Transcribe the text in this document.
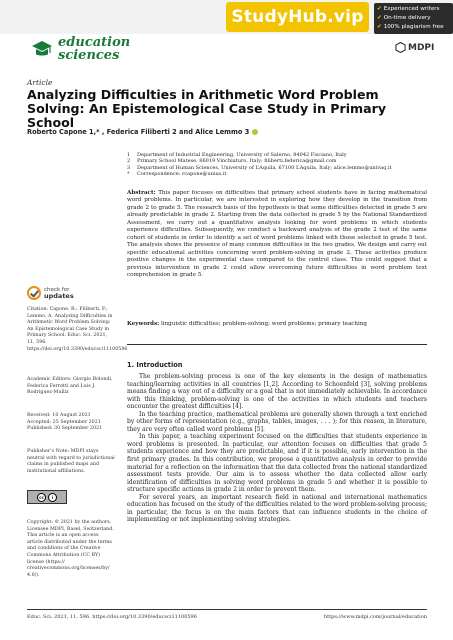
StudyHub.vip	✔ Experienced writers
✔ On-time delivery
✔ 100% plagiarism free
education
sciences
MDPI
Article
Analyzing Difficulties in Arithmetic Word Problem Solving: An Epistemological Case Study in Primary School
Roberto Capone 1,* , Federica Filiberti 2 and Alice Lemmo 3
1	Department of Industrial Engineering, University of Salerno, 84042 Fisciano, Italy
2	Primary School Matese, 86019 Vinchiaturo, Italy; filiberti.federica@gmail.com
3	Department of Human Sciences, University of L’Aquila, 67100 L’Aquila, Italy; alice.lemmo@univaq.it
*	Correspondence: rcapone@unisa.it
Abstract: This paper focuses on difficulties that primary school students have in facing mathematical word problems. In particular, we are interested in exploring how they develop in the transition from grade 2 to grade 5. The research basis of the hypothesis is that some difficulties detected in grade 5 are already predictable in grade 2. Starting from the data collected in grade 5 by the National Standardized Assessment, we carry out a quantitative analysis looking for word problems in which students experience difficulties. Subsequently, we conduct a backward analysis of the grade 2 test of the same cohort of students in order to identify a set of word problems linked with those selected in grade 5 test. The analysis shows the presence of many common difficulties in the two grades. We design and carry out specific educational activities concerning word problem-solving in grade 2. These activities produce positive changes in the experimental class compared to the control class. This could suggest that a previous intervention in grade 2 could allow overcoming future difficulties in word problem text comprehension in grade 5.
Keywords: linguistic difficulties; problem-solving; word problems; primary teaching
check for
updates
Citation: Capone, R.; Filiberti, F.; Lemmo, A. Analyzing Difficulties in Arithmetic Word Problem Solving: An Epistemological Case Study in Primary School. Educ. Sci. 2021, 11, 596. https://doi.org/10.3390/educsci11100596
Academic Editors: Giorgio Bolondi, Federica Ferretti and Luis J. Rodríguez-Muñiz
Received: 10 August 2021
Accepted: 25 September 2021
Published: 30 September 2021
Publisher’s Note: MDPI stays neutral with regard to jurisdictional claims in published maps and institutional affiliations.
cc	i
Copyright: © 2021 by the authors. Licensee MDPI, Basel, Switzerland. This article is an open access article distributed under the terms and conditions of the Creative Commons Attribution (CC BY) license (https:// creativecommons.org/licenses/by/ 4.0/).
1. Introduction

The problem-solving process is one of the key elements in the design of mathematics teaching/learning activities in all countries [1,2]. According to Schoenfeld [3], solving problems means finding a way out of a difficulty or a goal that is not immediately achievable. In accordance with this thinking, problem-solving is one of the activities in which students and teachers encounter the greatest difficulties [4].

In the teaching practice, mathematical problems are generally shown through a text enriched by other forms of representation (e.g., graphs, tables, images, . . . ); for this reason, in literature, they are very often called word problems [5].

In this paper, a teaching experiment focused on the difficulties that students experience in word problems is presented. In particular, our attention focuses on difficulties that grade 5 students experience and how they are predictable, and if it is possible, early intervention in the first primary grades. In this contribution, we propose a quantitative analysis in order to provide material for a reflection on the information that the data collected from the national standardized assessment tests provide. Our aim is to assess whether the data collected allow early identification of difficulties in solving word problems in grade 5 and whether it is possible to structure specific actions in grade 2 in order to prevent them.

For several years, an important research field in national and international mathematics education has focused on the study of the difficulties related to the word problem-solving process; in particular, the focus is on the main factors that can influence students in the choice of implementing or not implementing solving strategies.

Educ. Sci. 2021, 11, 596. https://doi.org/10.3390/educsci11100596	https://www.mdpi.com/journal/education
